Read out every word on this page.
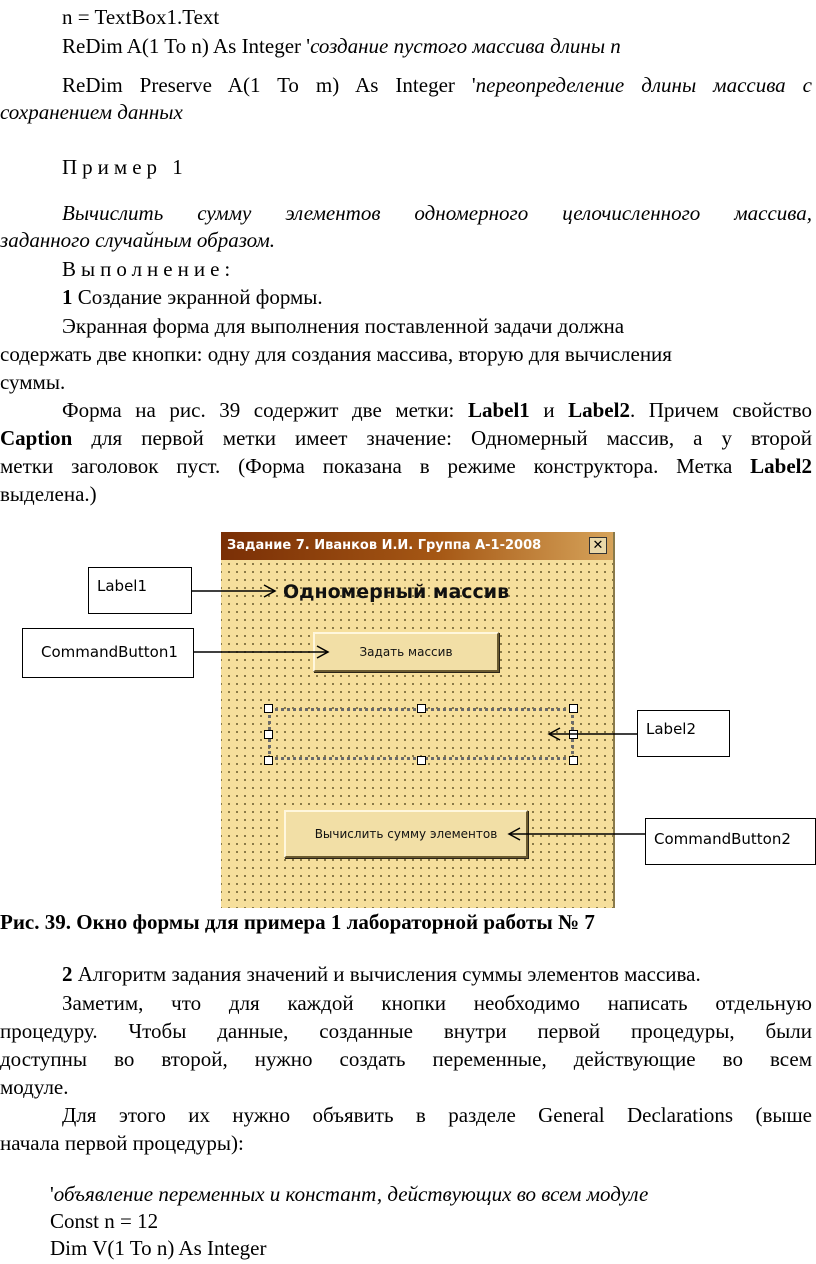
n = TextBox1.Text
ReDim A(1 To n) As Integer 'создание пустого массива длины n
ReDim Preserve A(1 To m) As Integer 'переопределение длины массива с
сохранением данных
Пример 1
Вычислить сумму элементов одномерного целочисленного массива,
заданного случайным образом.
Выполнение:
1 Создание экранной формы.
Экранная форма для выполнения поставленной задачи должна
содержать две кнопки: одну для создания массива, вторую для вычисления
суммы.
Форма на рис. 39 содержит две метки: Label1 и Label2. Причем свойство
Caption для первой метки имеет значение: Одномерный массив, а у второй
метки заголовок пуст. (Форма показана в режиме конструктора. Метка Label2
выделена.)
Задание 7. Иванков И.И. Группа А-1-2008	✕
Одномерный массив
Задать массив
Вычислить сумму элементов
Label1
CommandButton1
Label2
CommandButton2
Рис. 39. Окно формы для примера 1 лабораторной работы № 7
2 Алгоритм задания значений и вычисления суммы элементов массива.
Заметим, что для каждой кнопки необходимо написать отдельную
процедуру. Чтобы данные, созданные внутри первой процедуры, были
доступны во второй, нужно создать переменные, действующие во всем
модуле.
Для этого их нужно объявить в разделе General Declarations (выше
начала первой процедуры):
'объявление переменных и констант, действующих во всем модуле
Const n = 12
Dim V(1 To n) As Integer
